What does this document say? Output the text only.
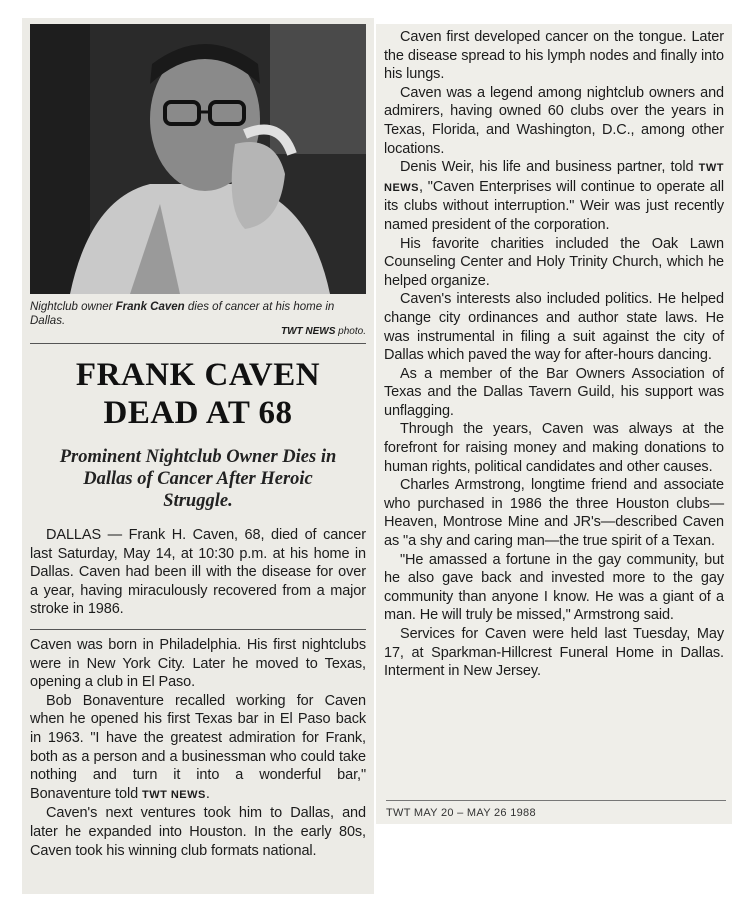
Nightclub owner Frank Caven dies of cancer at his home in Dallas.
TWT NEWS photo.
FRANK CAVEN
DEAD AT 68
Prominent Nightclub Owner Dies in Dallas of Cancer After Heroic Struggle.

DALLAS — Frank H. Caven, 68, died of cancer last Saturday, May 14, at 10:30 p.m. at his home in Dallas. Caven had been ill with the disease for over a year, having miraculously recovered from a major stroke in 1986.

Caven was born in Philadelphia. His first nightclubs were in New York City. Later he moved to Texas, opening a club in El Paso.

Bob Bonaventure recalled working for Caven when he opened his first Texas bar in El Paso back in 1963. "I have the greatest admiration for Frank, both as a person and a businessman who could take nothing and turn it into a wonderful bar," Bonaventure told TWT NEWS.

Caven's next ventures took him to Dallas, and later he expanded into Houston. In the early 80s, Caven took his winning club formats national.

Caven first developed cancer on the tongue. Later the disease spread to his lymph nodes and finally into his lungs.

Caven was a legend among nightclub owners and admirers, having owned 60 clubs over the years in Texas, Florida, and Washington, D.C., among other locations.

Denis Weir, his life and business partner, told TWT NEWS, "Caven Enterprises will continue to operate all its clubs without interruption." Weir was just recently named president of the corporation.

His favorite charities included the Oak Lawn Counseling Center and Holy Trinity Church, which he helped organize.

Caven's interests also included politics. He helped change city ordinances and author state laws. He was instrumental in filing a suit against the city of Dallas which paved the way for after-hours dancing.

As a member of the Bar Owners Association of Texas and the Dallas Tavern Guild, his support was unflagging.

Through the years, Caven was always at the forefront for raising money and making donations to human rights, political candidates and other causes.

Charles Armstrong, longtime friend and associate who purchased in 1986 the three Houston clubs—Heaven, Montrose Mine and JR's—described Caven as "a shy and caring man—the true spirit of a Texan.

"He amassed a fortune in the gay community, but he also gave back and invested more to the gay community than anyone I know. He was a giant of a man. He will truly be missed," Armstrong said.

Services for Caven were held last Tuesday, May 17, at Sparkman-Hillcrest Funeral Home in Dallas. Interment in New Jersey.

TWT MAY 20 – MAY 26 1988
